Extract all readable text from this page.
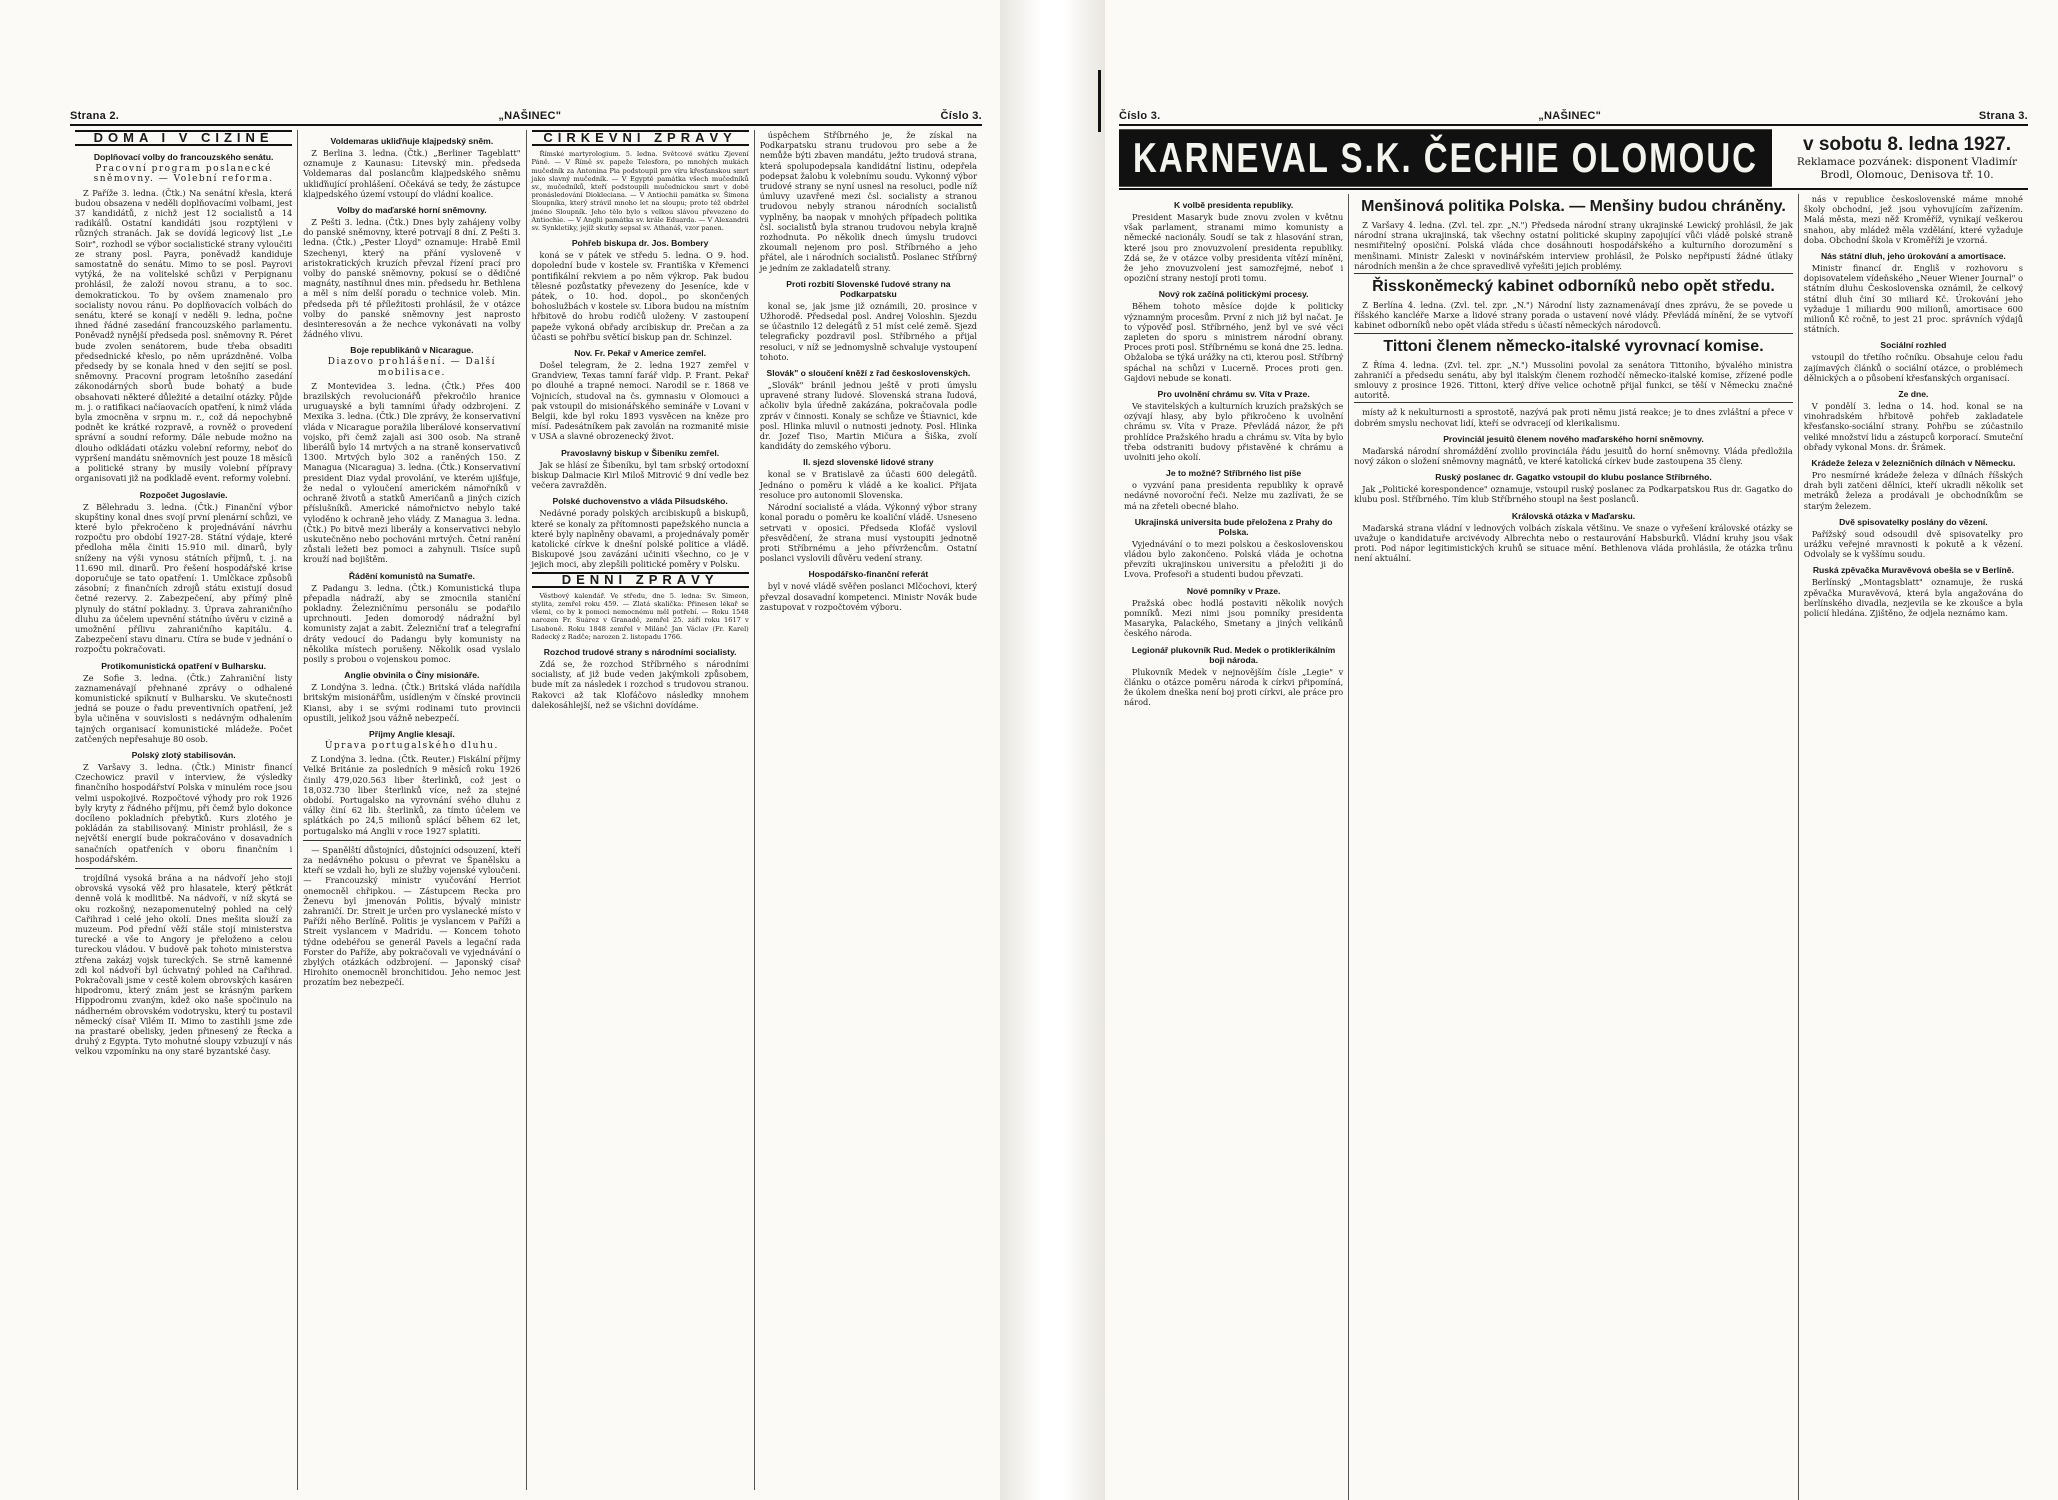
Strana 2.	„NAŠINEC"	Číslo 3.
DOMA I V CIZINĚ
Doplňovací volby do francouzského senátu.
Pracovní program poslanecké sněmovny. — Volební reforma.

Z Paříže 3. ledna. (Čtk.) Na senátní křesla, která budou obsazena v neděli doplňovacími volbami, jest 37 kandidátů, z nichž jest 12 socialistů a 14 radikálů. Ostatní kandidáti jsou rozptýleni v různých stranách. Jak se dovídá legicový list „Le Soir", rozhodl se výbor socialistické strany vyloučiti ze strany posl. Payra, poněvadž kandiduje samostatně do senátu. Mimo to se posl. Payrovi vytýká, že na volitelské schůzi v Perpignanu prohlásil, že založí novou stranu, a to soc. demokratickou. To by ovšem znamenalo pro socialisty novou ránu. Po doplňovacích volbách do senátu, které se konají v neděli 9. ledna, počne ihned řádné zasedání francouzského parlamentu. Poněvadž nynější předseda posl. sněmovny R. Péret bude zvolen senátorem, bude třeba obsaditi předsednické křeslo, po něm uprázdněné. Volba předsedy by se konala hned v den sejití se posl. sněmovny. Pracovní program letošního zasedání zákonodárných sborů bude bohatý a bude obsahovati některé důležité a detailní otázky. Půjde m. j. o ratifikaci načíaovacích opatření, k nimž vláda byla zmocněna v srpnu m. r., což dá nepochybně podnět ke krátké rozpravě, a rovněž o provedení správní a soudní reformy. Dále nebude možno na dlouho odkládati otázku volební reformy, neboť do vypršení mandátu sněmovních jest pouze 18 měsíců a politické strany by musily volební přípravy organisovati již na podkladě event. reformy volební.

Rozpočet Jugoslavie.

Z Bělehradu 3. ledna. (Čtk.) Finanční výbor skupštiny konal dnes svojí první plenární schůzi, ve které bylo překročeno k projednávání návrhu rozpočtu pro období 1927-28. Státní výdaje, které předloha měla činiti 15.910 mil. dinarů, byly sníženy na výši vynosu státních příjmů, t. j. na 11.690 mil. dinarů. Pro řešení hospodářské krise doporučuje se tato opatření: 1. Umlčkace způsobů zásobní; z finančních zdrojů státu existují dosud četné rezervy. 2. Zabezpečení, aby přímý plně plynuly do státní pokladny. 3. Úprava zahraničního dluhu za účelem upevnění státního úvěru v cizině a umožnění přílivu zahraničního kapitálu. 4. Zabezpečení stavu dinaru. Ctíra se bude v jednání o rozpočtu pokračovati.

Protikomunistická opatření v Bulharsku.

Ze Sofie 3. ledna. (Čtk.) Zahraniční listy zaznamenávají přehnané zprávy o odhalené komunistické spiknutí v Bulharsku. Ve skutečnosti jedná se pouze o řadu preventivních opatření, jež byla učiněna v souvislosti s nedávným odhalením tajných organisací komunistické mládeže. Počet zatčených nepřesahuje 80 osob.

Polský zlotý stabilisován.

Z Varšavy 3. ledna. (Čtk.) Ministr financí Czechowicz pravil v interview, že výsledky finančního hospodářství Polska v minulém roce jsou velmi uspokojivé. Rozpočtové výhody pro rok 1926 byly kryty z řádného příjmu, při čemž bylo dokonce docíleno pokladních přebytků. Kurs zlotého je pokládán za stabilisovaný. Ministr prohlásil, že s největší energií bude pokračováno v dosavadních sanačních opatřeních v oboru finančním i hospodářském.

trojdílná vysoká brána a na nádvoří jeho stoji obrovská vysoká věž pro hlasatele, který pětkrát denně volá k modlitbě. Na nádvoří, v níž skytá se oku rozkošný, nezapomenutelný pohled na celý Cařihrad i celé jeho okolí. Dnes mešita slouží za muzeum. Pod přední věží stále stojí ministerstva turecké a vše to Angory je přeloženo a celou tureckou vládou. V budově pak tohoto ministerstva ztřena zakázj vojsk tureckých. Se strně kamenné zdi kol nádvoří byl úchvatný pohled na Cařihrad. Pokračovali jsme v cestě kolem obrovských kasáren hipodromu, který znám jest se krásným parkem Hippodromu zvaným, kdež oko naše spočinulo na nádherném obrovském vodotrysku, který tu postavil německý císař Vilém II. Mimo to zastihli jsme zde na prastaré obelisky, jeden přinesený ze Řecka a druhý z Egypta. Tyto mohutné sloupy vzbuzují v nás velkou vzpomínku na ony staré byzantské časy.

Voldemaras ukliďňuje klajpedský sněm.

Z Berlina 3. ledna. (Čtk.) „Berliner Tageblatt" oznamuje z Kaunasu: Litevský min. předseda Voldemaras dal poslancům klajpedského sněmu ukliďňující prohlášení. Očekává se tedy, že zástupce klajpedského území vstoupí do vládní koalice.

Volby do maďarské horní sněmovny.

Z Pešti 3. ledna. (Čtk.) Dnes byly zahájeny volby do panské sněmovny, které potrvají 8 dní. Z Pešti 3. ledna. (Čtk.) „Pester Lloyd" oznamuje: Hrabě Emil Szechenyi, který na přání vysloveně v aristokratických kruzích převzal řízení prací pro volby do panské sněmovny, pokusí se o dědičné magnáty, nastíhnul dnes min. předsedu hr. Bethlena a měl s ním delší poradu o technice voleb. Min. předseda při té příležitosti prohlásil, že v otázce volby do panské sněmovny jest naprosto desinteresován a že nechce vykonávati na volby žádného vlivu.

Boje republikánů v Nicarague.
Diazovo prohlášení. — Další mobilisace.

Z Montevidea 3. ledna. (Čtk.) Přes 400 brazilských revolucionářů překročilo hranice uruguayské a byli tamními úřady odzbrojeni. Z Mexika 3. ledna. (Čtk.) Dle zprávy, že konservativní vláda v Nicarague poražila liberálové konservativní vojsko, při čemž zajali asi 300 osob. Na straně liberálů bylo 14 mrtvých a na straně konservativců 1300. Mrtvých bylo 302 a raněných 150. Z Managua (Nicaragua) 3. ledna. (Čtk.) Konservativní president Diaz vydal provolání, ve kterém ujišťuje, že nedal o vyloučení americkém námořníků v ochraně životů a statků Američanů a jiných cizích příslušníků. Americké námořnictvo nebylo také vyloděno k ochraně jeho vlády. Z Managua 3. ledna. (Čtk.) Po bitvě mezi liberály a konservativci nebylo uskutečněno nebo pochováni mrtvých. Četní ranění zůstali ležeti bez pomoci a zahynuli. Tisíce supů krouží nad bojištěm.

Řádění komunistů na Sumatře.

Z Padangu 3. ledna. (Čtk.) Komunistická tlupa přepadla nádraží, aby se zmocnila staniční pokladny. Železničnímu personálu se podařilo uprchnouti. Jeden domorodý nádražní byl komunisty zajat a zabit. Železniční trať a telegrafní dráty vedoucí do Padangu byly komunisty na několika místech porušeny. Několik osad vyslalo posily s probou o vojenskou pomoc.

Anglie obvinila o Číny misionáře.

Z Londýna 3. ledna. (Čtk.) Britská vláda nařídila britským misionářům, usídleným v čínské provincii Kiansi, aby i se svými rodinami tuto provincii opustili, jelikož jsou vážně nebezpečí.

Příjmy Anglie klesají.
Úprava portugalského dluhu.

Z Londýna 3. ledna. (Čtk. Reuter.) Fiskální příjmy Velké Británie za posledních 9 měsíců roku 1926 činily 479,020.563 liber šterlinků, což jest o 18,032.730 liber šterlinků více, než za stejné období. Portugalsko na vyrovnání svého dluhu z války činí 62 lib. šterlinků, za tímto účelem ve splátkách po 24,5 milionů splácí během 62 let, portugalsko má Anglii v roce 1927 splatiti.

— Spanělští důstojníci, důstojníci odsouzení, kteří za nedávného pokusu o převrat ve Španělsku a kteří se vzdali ho, byli ze služby vojenské vyloučeni. — Francouzský ministr vyučování Herriot onemocněl chřipkou. — Zástupcem Recka pro Ženevu byl jmenován Politis, bývalý ministr zahraničí. Dr. Streit je určen pro vyslanecké místo v Paříži něho Berlíně. Politis je vyslancem v Paříži a Streit vyslancem v Madridu. — Koncem tohoto týdne odebéřou se generál Pavels a legační rada Forster do Paříže, aby pokračovali ve vyjednávání o zbylých otázkách odzbrojení. — Japonský císař Hirohito onemocněl bronchitidou. Jeho nemoc jest prozatím bez nebezpečí.

CÍRKEVNÍ ZPRÁVY

Římské martyrologium. 5. ledna. Světcové svátku Zjevení Páně. — V Římě sv. papeže Telesfora, po mnohých mukách mučedník za Antonina Pia podstoupil pro víru křesťanskou smrt jako slavný mučedník. — V Egyptě památka všech mučedníků sv., mučedníků, kteří podstoupili mučednickou smrt v době pronásledování Diokleciana. — V Antiochii památka sv. Šimona Sloupníka, který strávil mnoho let na sloupu; proto též obdržel jméno Sloupník. Jeho tělo bylo s velkou slávou převezeno do Antiochie. — V Anglii památka sv. krále Eduarda. — V Alexandrii sv. Synkletiky, jejíž skutky sepsal sv. Athanáš, vzor panen.

Pohřeb biskupa dr. Jos. Bombery

koná se v pátek ve středu 5. ledna. O 9. hod. dopolední bude v kostele sv. Františka v Křemenci pontifikální rekviem a po něm výkrop. Pak budou tělesné pozůstatky převezeny do Jeseníce, kde v pátek, o 10. hod. dopol., po skončených bohoslužbách v kostele sv. Libora budou na místním hřbitově do hrobu rodičů uloženy. V zastoupení papeže vykoná obřady arcibiskup dr. Prečan a za účasti se pohřbu světící biskup pan dr. Schinzel.

Nov. Fr. Pekař v Americe zemřel.

Došel telegram, že 2. ledna 1927 zemřel v Grandview, Texas tamní farář vldp. P. Frant. Pekař po dlouhé a trapné nemoci. Narodil se r. 1868 ve Vojnicích, studoval na čs. gymnasiu v Olomouci a pak vstoupil do misionářského semináře v Lovani v Belgii, kde byl roku 1893 vysvěcen na kněze pro mísí. Padesátníkem pak zavolán na rozmanité misie v USA a slavné obrozenecký život.

Pravoslavný biskup v Šibeníku zemřel.

Jak se hlásí ze Šibeníku, byl tam srbský ortodoxní biskup Dalmacie Kirl Miloš Mitrović 9 dní vedle bez večera zavražděn.

Polské duchovenstvo a vláda Pilsudského.

Nedávné porady polských arcibiskupů a biskupů, které se konaly za přítomnosti papežského nuncia a které byly naplněny obavami, a projednávaly poměr katolické církve k dnešní polské politice a vládě. Biskupové jsou zavázáni učiniti všechno, co je v jejich moci, aby zlepšili politické poměry v Polsku.

DENNÍ ZPRÁVY

Věstbový kalendář. Ve středu, dne 5. ledna: Sv. Simeon, stylita, zemřel roku 459. — Zlatá skalička: Přinesen lékař se všemi, co by k pomoci nemocnému měl potřebí. — Roku 1548 narozen Fr. Suárez v Granadě, zemřel 25. září roku 1617 v Lisaboně. Roku 1848 zemřel v Milánč Jan Václav (Fr. Karel) Radecký z Radče; narozen 2. listopadu 1766.

Rozchod trudové strany s národními socialisty.

Zdá se, že rozchod Stříbrného s národními socialisty, ať již bude veden jakýmkoli způsobem, bude mít za následek i rozchod s trudovou stranou. Rakovci až tak Klofáčovo následky mnohem dalekosáhlejší, než se všichni dovídáme.

úspěchem Stříbrného je, že získal na Podkarpatsku stranu trudovou pro sebe a že nemůže býti zbaven mandátu, ježto trudová strana, která spolupodepsala kandidátní listinu, odepřela podepsat žalobu k volebnímu soudu. Vykonný výbor trudové strany se nyní usnesl na resoluci, podle níž úmluvy uzavřené mezi čsl. socialisty a stranou trudovou nebyly stranou národních socialistů vyplněny, ba naopak v mnohých případech politika čsl. socialistů byla stranou trudovou nebyla krajně rozhodnuta. Po několik dnech úmyslu trudovci zkoumali nejenom pro posl. Stříbrného a jeho přátel, ale i národních socialistů. Poslanec Stříbrný je jedním ze zakladatelů strany.

Proti rozbití Slovenské ľudové strany na Podkarpatsku

konal se, jak jsme již oznámili, 20. prosince v Užhorodě. Předsedal posl. Andrej Voloshin. Sjezdu se účastnilo 12 delegátů z 51 míst celé země. Sjezd telegraficky pozdravil posl. Stříbrného a přijal resoluci, v níž se jednomyslně schvaluje vystoupení tohoto.

Slovák" o sloučení kněží z řad československých.

„Slovák" bránil jednou ještě v proti úmyslu upravené strany ľudové. Slovenská strana ľudová, ačkoliv byla úředně zakázána, pokračovala podle zpráv v činnosti. Konaly se schůze ve Štiavnici, kde posl. Hlinka mluvil o nutnosti jednoty. Posl. Hlinka dr. Jozef Tiso, Martin Mičura a Šiška, zvolí kandidáty do zemského výboru.

II. sjezd slovenské lidové strany

konal se v Bratislavě za účasti 600 delegátů. Jednáno o poměru k vládě a ke koalici. Přijata resoluce pro autonomii Slovenska.

Národní socialisté a vláda. Výkonný výbor strany konal poradu o poměru ke koaliční vládě. Usneseno setrvati v oposici. Předseda Klofáč vyslovil přesvědčení, že strana musí vystoupiti jednotně proti Stříbrnému a jeho přívržencům. Ostatní poslanci vyslovili důvěru vedení strany.

Hospodářsko-finanční referát

byl v nové vládě svěřen poslanci Mlčochovi, který převzal dosavadní kompetenci. Ministr Novák bude zastupovat v rozpočtovém výboru.

Číslo 3.	„NAŠINEC"	Strana 3.
KARNEVAL S.K. ČECHIE OLOMOUC	v sobotu 8. ledna 1927.
Reklamace pozvánek: disponent Vladimír Brodl, Olomouc, Denisova tř. 10.
K volbě presidenta republiky.

President Masaryk bude znovu zvolen v květnu však parlament, stranami mimo komunisty a německé nacionály. Soudí se tak z hlasování stran, které jsou pro znovuzvolení presidenta republiky. Zdá se, že v otázce volby presidenta vítězí mínění, že jeho znovuzvolení jest samozřejmé, neboť i opoziční strany nestojí proti tomu.

Nový rok začíná politickými procesy.

Během tohoto měsíce dojde k politicky významným procesům. První z nich již byl načat. Je to výpověď posl. Stříbrného, jenž byl ve své věci zapleten do sporu s ministrem národní obrany. Proces proti posl. Stříbrnému se koná dne 25. ledna. Obžaloba se týká urážky na cti, kterou posl. Stříbrný spáchal na schůzi v Lucerně. Proces proti gen. Gajdovi nebude se konati.

Pro uvolnění chrámu sv. Víta v Praze.

Ve stavitelských a kulturních kruzích pražských se ozývají hlasy, aby bylo přikročeno k uvolnění chrámu sv. Víta v Praze. Převládá názor, že při prohlídce Pražského hradu a chrámu sv. Víta by bylo třeba odstraniti budovy přistavěné k chrámu a uvolniti jeho okolí.

Je to možné? Stříbrného list píše

o vyzvání pana presidenta republiky k opravě nedávné novoroční řeči. Nelze mu zazlívati, že se má na zřeteli obecné blaho.

Ukrajinská universita bude přeložena z Prahy do Polska.

Vyjednávání o to mezi polskou a československou vládou bylo zakončeno. Polská vláda je ochotna převzíti ukrajinskou universitu a přeložiti ji do Lvova. Profesoři a studenti budou převzati.

Nové pomníky v Praze.

Pražská obec hodlá postaviti několik nových pomníků. Mezi nimi jsou pomníky presidenta Masaryka, Palackého, Smetany a jiných velikánů českého národa.

Legionář plukovník Rud. Medek o protiklerikálním boji národa.

Plukovník Medek v nejnovějším čísle „Legie" v článku o otázce poměru národa k církvi připomíná, že úkolem dneška není boj proti církvi, ale práce pro národ.

Menšinová politika Polska. — Menšiny budou chráněny.

Z Varšavy 4. ledna. (Zvl. tel. zpr. „N.") Předseda národní strany ukrajinské Lewický prohlásil, že jak národní strana ukrajinská, tak všechny ostatní politické skupiny zapojující vůči vládě polské straně nesmiřitelný oposiční. Polská vláda chce dosáhnouti hospodářského a kulturního dorozumění s menšinami. Ministr Zaleski v novinářském interview prohlásil, že Polsko nepřipustí žádné útlaky národních menšin a že chce spravedlivě vyřešiti jejich problémy.

Řisskoněmecký kabinet odborníků nebo opět středu.

Z Berlína 4. ledna. (Zvl. tel. zpr. „N.") Národní listy zaznamenávají dnes zprávu, že se povede u říšského kancléře Marxe a lidové strany porada o ustavení nové vlády. Převládá mínění, že se vytvoří kabinet odborníků nebo opět vláda středu s účastí německých národovců.

Tittoni členem německo-italské vyrovnací komise.

Z Říma 4. ledna. (Zvl. tel. zpr. „N.") Mussolini povolal za senátora Tittoniho, bývalého ministra zahraničí a předsedu senátu, aby byl italským členem rozhodčí německo-italské komise, zřízené podle smlouvy z prosince 1926. Tittoni, který dříve velice ochotně přijal funkci, se těší v Německu značné autoritě.

místy až k nekulturnosti a sprostotě, nazývá pak proti němu jistá reakce; je to dnes zvláštní a přece v dobrém smyslu nechovat lidí, kteří se odvracejí od klerikalismu.

Provinciál jesuitů členem nového maďarského horní sněmovny.

Maďarská národní shromáždění zvolilo provinciála řádu jesuitů do horní sněmovny. Vláda předložila nový zákon o složení sněmovny magnátů, ve které katolická církev bude zastoupena 35 členy.

Ruský poslanec dr. Gagatko vstoupil do klubu poslance Stříbrného.

Jak „Politické korespondence" oznamuje, vstoupil ruský poslanec za Podkarpatskou Rus dr. Gagatko do klubu posl. Stříbrného. Tím klub Stříbrného stoupl na šest poslanců.

Královská otázka v Maďarsku.

Maďarská strana vládní v lednových volbách získala většinu. Ve snaze o vyřešení královské otázky se uvažuje o kandidatuře arcivévody Albrechta nebo o restaurování Habsburků. Vládní kruhy jsou však proti. Pod nápor legitimistických kruhů se situace mění. Bethlenova vláda prohlásila, že otázka trůnu není aktuální.

nás v republice československé máme mnohé školy obchodní, jež jsou vyhovujícím zařízením. Malá města, mezi něž Kroměříž, vynikají veškerou snahou, aby mládež měla vzdělání, které vyžaduje doba. Obchodní škola v Kroměříži je vzorná.

Nás státní dluh, jeho úrokování a amortisace.

Ministr financí dr. Engliš v rozhovoru s dopisovatelem vídeňského „Neuer Wiener Journal" o státním dluhu Československa oznámil, že celkový státní dluh činí 30 miliard Kč. Úrokování jeho vyžaduje 1 miliardu 900 milionů, amortisace 600 milionů Kč ročně, to jest 21 proc. správních výdajů státních.

Sociální rozhled

vstoupil do třetího ročníku. Obsahuje celou řadu zajímavých článků o sociální otázce, o problémech dělnických a o působení křesťanských organisací.

Ze dne.

V pondělí 3. ledna o 14. hod. konal se na vinohradském hřbitově pohřeb zakladatele křesťansko-sociální strany. Pohřbu se zúčastnilo veliké množství lidu a zástupců korporací. Smuteční obřady vykonal Mons. dr. Šrámek.

Krádeže železa v železničních dílnách v Německu.

Pro nesmírné krádeže železa v dílnách říšských drah byli zatčeni dělníci, kteří ukradli několik set metráků železa a prodávali je obchodníkům se starým železem.

Dvě spisovatelky poslány do vězení.

Pařížský soud odsoudil dvě spisovatelky pro urážku veřejné mravnosti k pokutě a k vězení. Odvolaly se k vyššímu soudu.

Ruská zpěvačka Muravěvová obešla se v Berlíně.

Berlínský „Montagsblatt" oznamuje, že ruská zpěvačka Muravěvová, která byla angažována do berlínského divadla, nezjevila se ke zkoušce a byla policií hledána. Zjištěno, že odjela neznámo kam.
